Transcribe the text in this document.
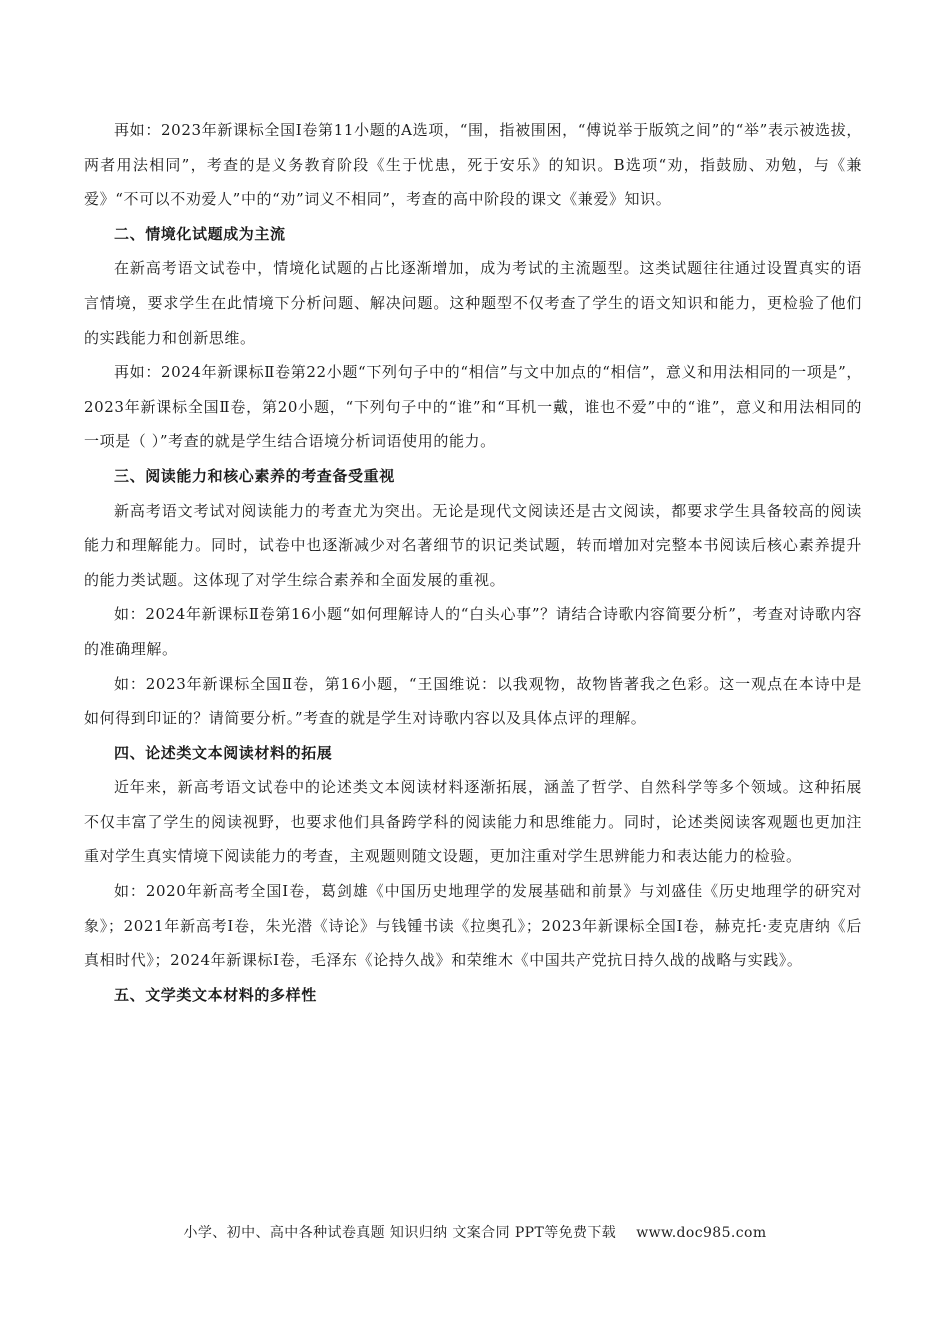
再如：2023年新课标全国Ⅰ卷第11小题的A选项，“围，指被围困，“傅说举于版筑之间”的“举”表示被选拔，两者用法相同”，考查的是义务教育阶段《生于忧患，死于安乐》的知识。B选项“劝，指鼓励、劝勉，与《兼爱》“不可以不劝爱人”中的“劝”词义不相同”，考查的高中阶段的课文《兼爱》知识。

二、情境化试题成为主流

在新高考语文试卷中，情境化试题的占比逐渐增加，成为考试的主流题型。这类试题往往通过设置真实的语言情境，要求学生在此情境下分析问题、解决问题。这种题型不仅考查了学生的语文知识和能力，更检验了他们的实践能力和创新思维。

再如：2024年新课标Ⅱ卷第22小题“下列句子中的“相信”与文中加点的“相信”，意义和用法相同的一项是”，2023年新课标全国Ⅱ卷，第20小题，“下列句子中的“谁”和“耳机一戴，谁也不爱”中的“谁”，意义和用法相同的一项是（ ）”考查的就是学生结合语境分析词语使用的能力。

三、阅读能力和核心素养的考查备受重视

新高考语文考试对阅读能力的考查尤为突出。无论是现代文阅读还是古文阅读，都要求学生具备较高的阅读能力和理解能力。同时，试卷中也逐渐减少对名著细节的识记类试题，转而增加对完整本书阅读后核心素养提升的能力类试题。这体现了对学生综合素养和全面发展的重视。

如：2024年新课标Ⅱ卷第16小题“如何理解诗人的“白头心事”？请结合诗歌内容简要分析”，考查对诗歌内容的准确理解。

如：2023年新课标全国Ⅱ卷，第16小题，“王国维说：以我观物，故物皆著我之色彩。这一观点在本诗中是如何得到印证的？请简要分析。”考查的就是学生对诗歌内容以及具体点评的理解。

四、论述类文本阅读材料的拓展

近年来，新高考语文试卷中的论述类文本阅读材料逐渐拓展，涵盖了哲学、自然科学等多个领域。这种拓展不仅丰富了学生的阅读视野，也要求他们具备跨学科的阅读能力和思维能力。同时，论述类阅读客观题也更加注重对学生真实情境下阅读能力的考查，主观题则随文设题，更加注重对学生思辨能力和表达能力的检验。

如：2020年新高考全国Ⅰ卷，葛剑雄《中国历史地理学的发展基础和前景》与刘盛佳《历史地理学的研究对象》；2021年新高考Ⅰ卷，朱光潜《诗论》与钱锺书读《拉奥孔》；2023年新课标全国Ⅰ卷，赫克托·麦克唐纳《后真相时代》；2024年新课标Ⅰ卷，毛泽东《论持久战》和荣维木《中国共产党抗日持久战的战略与实践》。

五、文学类文本材料的多样性

小学、初中、高中各种试卷真题 知识归纳 文案合同 PPT等免费下载 www.doc985.com
